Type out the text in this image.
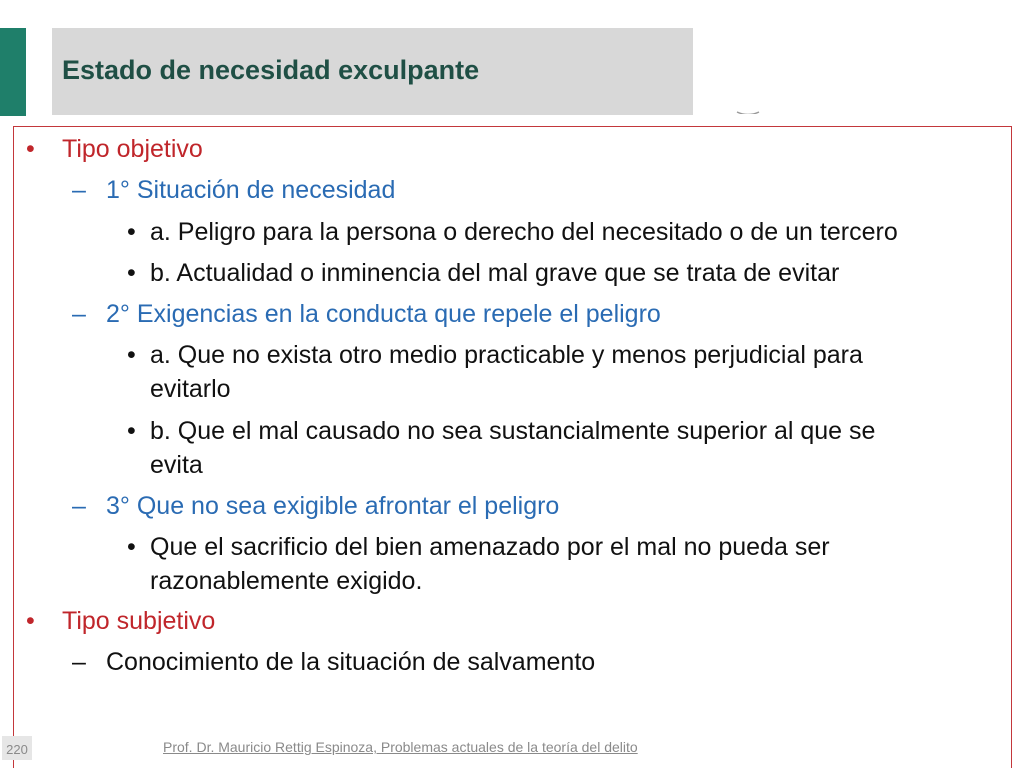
Estado de necesidad exculpante
• Tipo objetivo
– 1° Situación de necesidad
• a. Peligro para la persona o derecho del necesitado o de un tercero
• b. Actualidad o inminencia del mal grave que se trata de evitar
– 2° Exigencias en la conducta que repele el peligro
• a. Que no exista otro medio practicable y menos perjudicial para
evitarlo
• b. Que el mal causado no sea sustancialmente superior al que se
evita
– 3° Que no sea exigible afrontar el peligro
• Que el sacrificio del bien amenazado por el mal no pueda ser
razonablemente exigido.
• Tipo subjetivo
– Conocimiento de la situación de salvamento
Prof. Dr. Mauricio Rettig Espinoza, Problemas actuales de la teoría del delito
220
